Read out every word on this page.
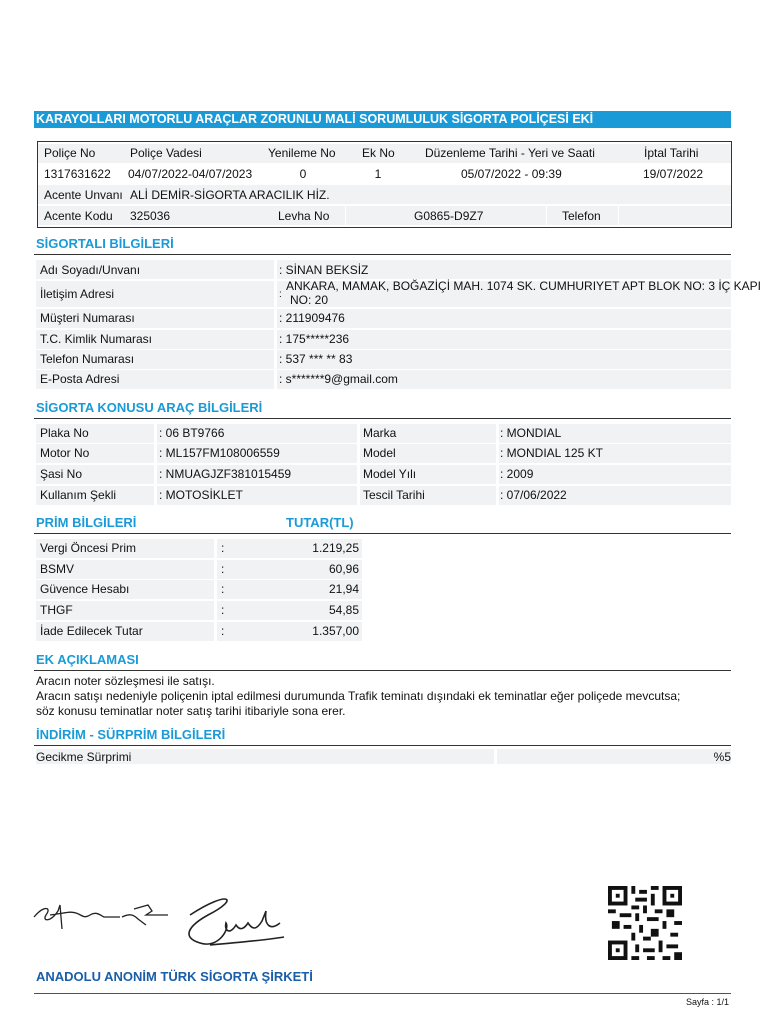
KARAYOLLARI MOTORLU ARAÇLAR ZORUNLU MALİ SORUMLULUK SİGORTA POLİÇESİ EKİ
Poliçe No	Poliçe Vadesi	Yenileme No Ek No	Düzenleme Tarihi - Yeri ve Saati	İptal Tarihi
1317631622 04/07/2022-04/07/2023	0	1	05/07/2022 - 09:39	19/07/2022
Acente Unvanı ALİ DEMİR-SİGORTA ARACILIK HİZ.
Acente Kodu 325036	Levha No	G0865-D9Z7	Telefon
SİGORTALI BİLGİLERİ
Adı Soyadı/Unvanı	: SİNAN BEKSİZ
İletişim Adresi	:
ANKARA, MAMAK, BOĞAZİÇİ MAH. 1074 SK. CUMHURIYET APT BLOK NO: 3 İÇ KAPI
NO: 20
Müşteri Numarası	: 211909476
T.C. Kimlik Numarası	: 175*****236
Telefon Numarası	: 537 *** ** 83
E-Posta Adresi	: s*******9@gmail.com
SİGORTA KONUSU ARAÇ BİLGİLERİ
Plaka No	: 06 BT9766	Marka	: MONDIAL
Motor No	: ML157FM108006559	Model	: MONDIAL 125 KT
Şasi No	: NMUAGJZF381015459	Model Yılı	: 2009
Kullanım Şekli	: MOTOSİKLET	Tescil Tarihi	: 07/06/2022
PRİM BİLGİLERİ	TUTAR(TL)
Vergi Öncesi Prim	:	1.219,25
BSMV	:	60,96
Güvence Hesabı	:	21,94
THGF	:	54,85
İade Edilecek Tutar	:	1.357,00
EK AÇIKLAMASI
Aracın noter sözleşmesi ile satışı.
Aracın satışı nedeniyle poliçenin iptal edilmesi durumunda Trafik teminatı dışındaki ek teminatlar eğer poliçede mevcutsa;
söz konusu teminatlar noter satış tarihi itibariyle sona erer.
İNDİRİM - SÜRPRİM BİLGİLERİ
Gecikme Sürprimi	%5
ANADOLU ANONİM TÜRK SİGORTA ŞİRKETİ
Sayfa : 1/1
